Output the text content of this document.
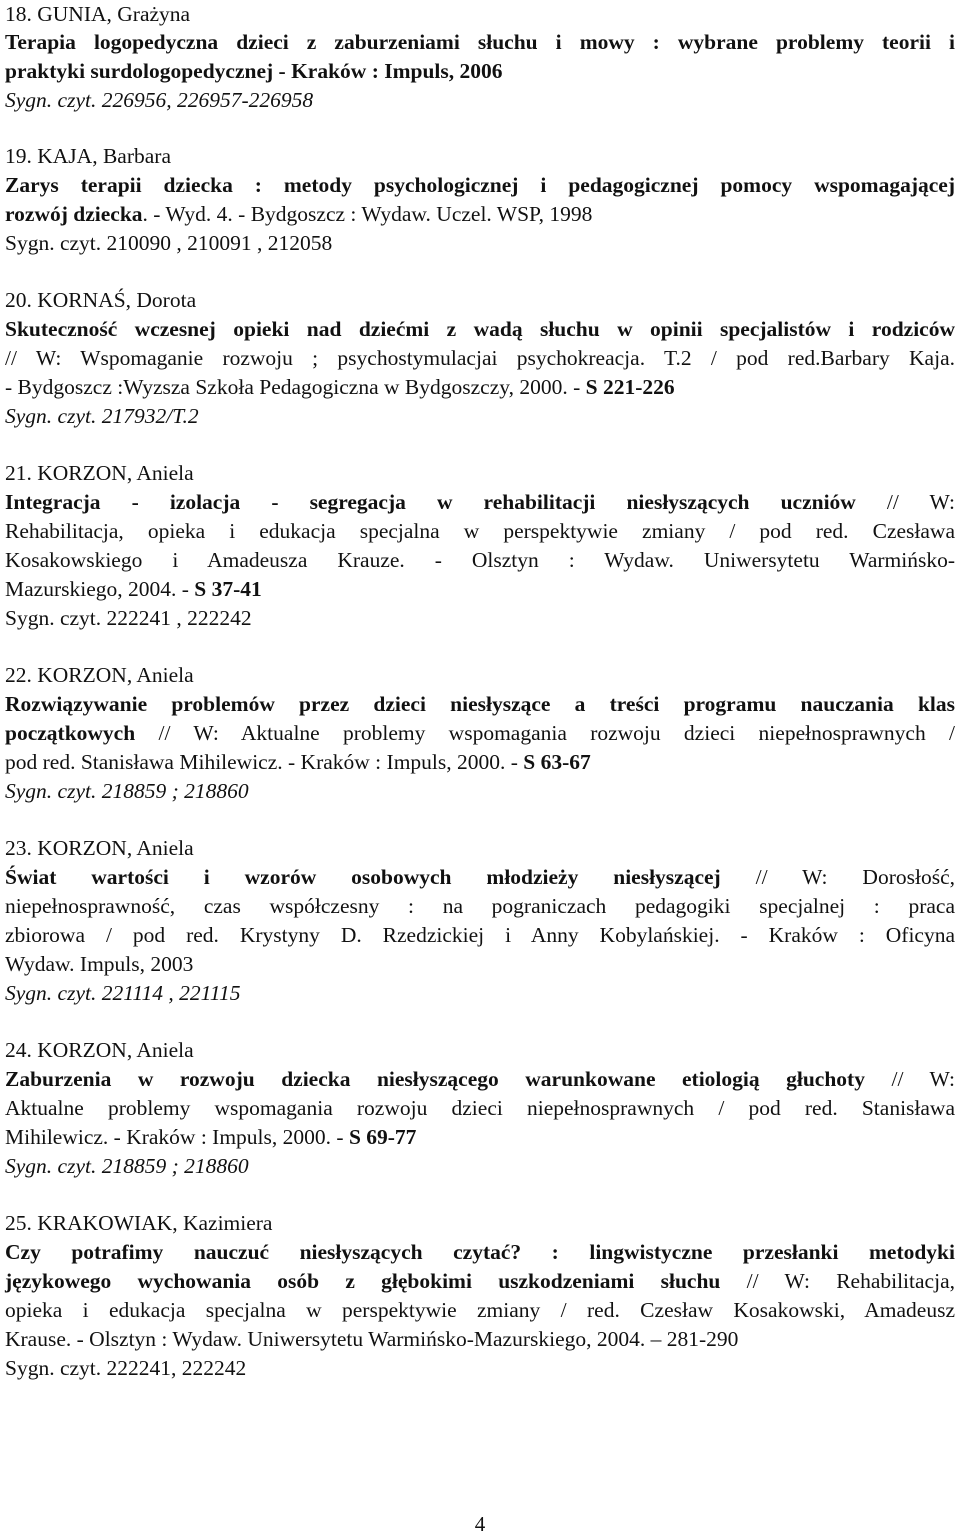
18. GUNIA, Grażyna
Terapia logopedyczna dzieci z zaburzeniami słuchu i mowy : wybrane problemy teorii i
praktyki surdologopedycznej - Kraków : Impuls, 2006
Sygn. czyt. 226956, 226957-226958
19. KAJA, Barbara
Zarys terapii dziecka : metody psychologicznej i pedagogicznej pomocy wspomagającej
rozwój dziecka. - Wyd. 4. - Bydgoszcz : Wydaw. Uczel. WSP, 1998
Sygn. czyt. 210090 , 210091 , 212058
20. KORNAŚ, Dorota
Skuteczność wczesnej opieki nad dziećmi z wadą słuchu w opinii specjalistów i rodziców
// W: Wspomaganie rozwoju ; psychostymulacjai psychokreacja. T.2 / pod red.Barbary Kaja.
- Bydgoszcz :Wyzsza Szkoła Pedagogiczna w Bydgoszczy, 2000. - S 221-226
Sygn. czyt. 217932/T.2
21. KORZON, Aniela
Integracja - izolacja - segregacja w rehabilitacji niesłyszących uczniów // W:
Rehabilitacja, opieka i edukacja specjalna w perspektywie zmiany / pod red. Czesława
Kosakowskiego i Amadeusza Krauze. - Olsztyn : Wydaw. Uniwersytetu Warmińsko-
Mazurskiego, 2004. - S 37-41
Sygn. czyt. 222241 , 222242
22. KORZON, Aniela
Rozwiązywanie problemów przez dzieci niesłyszące a treści programu nauczania klas
początkowych // W: Aktualne problemy wspomagania rozwoju dzieci niepełnosprawnych /
pod red. Stanisława Mihilewicz. - Kraków : Impuls, 2000. - S 63-67
Sygn. czyt. 218859 ; 218860
23. KORZON, Aniela
Świat wartości i wzorów osobowych młodzieży niesłyszącej // W: Dorosłość,
niepełnosprawność, czas współczesny : na pograniczach pedagogiki specjalnej : praca
zbiorowa / pod red. Krystyny D. Rzedzickiej i Anny Kobylańskiej. - Kraków : Oficyna
Wydaw. Impuls, 2003
Sygn. czyt. 221114 , 221115
24. KORZON, Aniela
Zaburzenia w rozwoju dziecka niesłyszącego warunkowane etiologią głuchoty // W:
Aktualne problemy wspomagania rozwoju dzieci niepełnosprawnych / pod red. Stanisława
Mihilewicz. - Kraków : Impuls, 2000. - S 69-77
Sygn. czyt. 218859 ; 218860
25. KRAKOWIAK, Kazimiera
Czy potrafimy nauczuć niesłyszących czytać? : lingwistyczne przesłanki metodyki
językowego wychowania osób z głębokimi uszkodzeniami słuchu // W: Rehabilitacja,
opieka i edukacja specjalna w perspektywie zmiany / red. Czesław Kosakowski, Amadeusz
Krause. - Olsztyn : Wydaw. Uniwersytetu Warmińsko-Mazurskiego, 2004. – 281-290
Sygn. czyt. 222241, 222242
4
